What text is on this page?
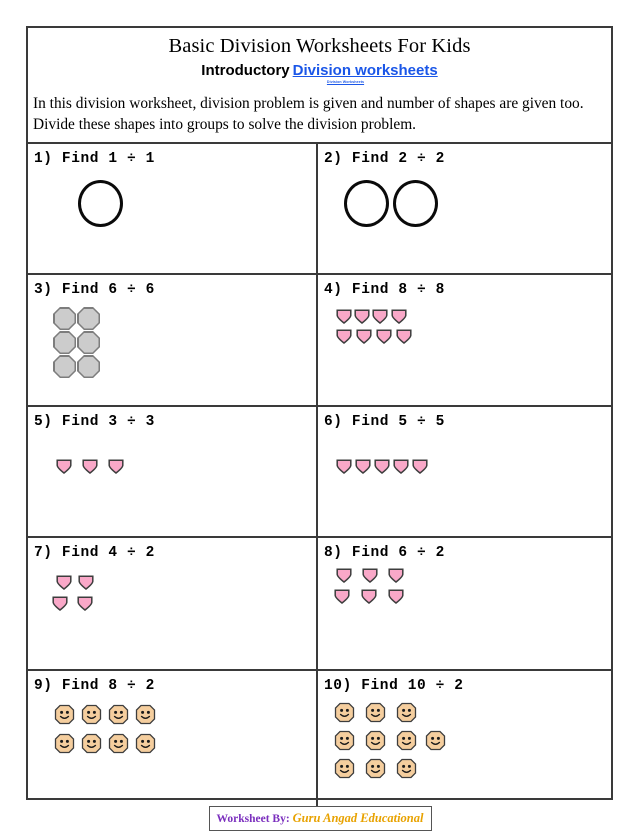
Basic Division Worksheets For Kids
Introductory Division worksheets
Division Worksheets
In this division worksheet, division problem is given and number of shapes are given too. Divide these shapes into groups to solve the division problem.
1) Find 1 ÷ 1	2) Find 2 ÷ 2
3) Find 6 ÷ 6	4) Find 8 ÷ 8
5) Find 3 ÷ 3	6) Find 5 ÷ 5
7) Find 4 ÷ 2	8) Find 6 ÷ 2
9) Find 8 ÷ 2	10) Find 10 ÷ 2
Worksheet By: Guru Angad Educational
